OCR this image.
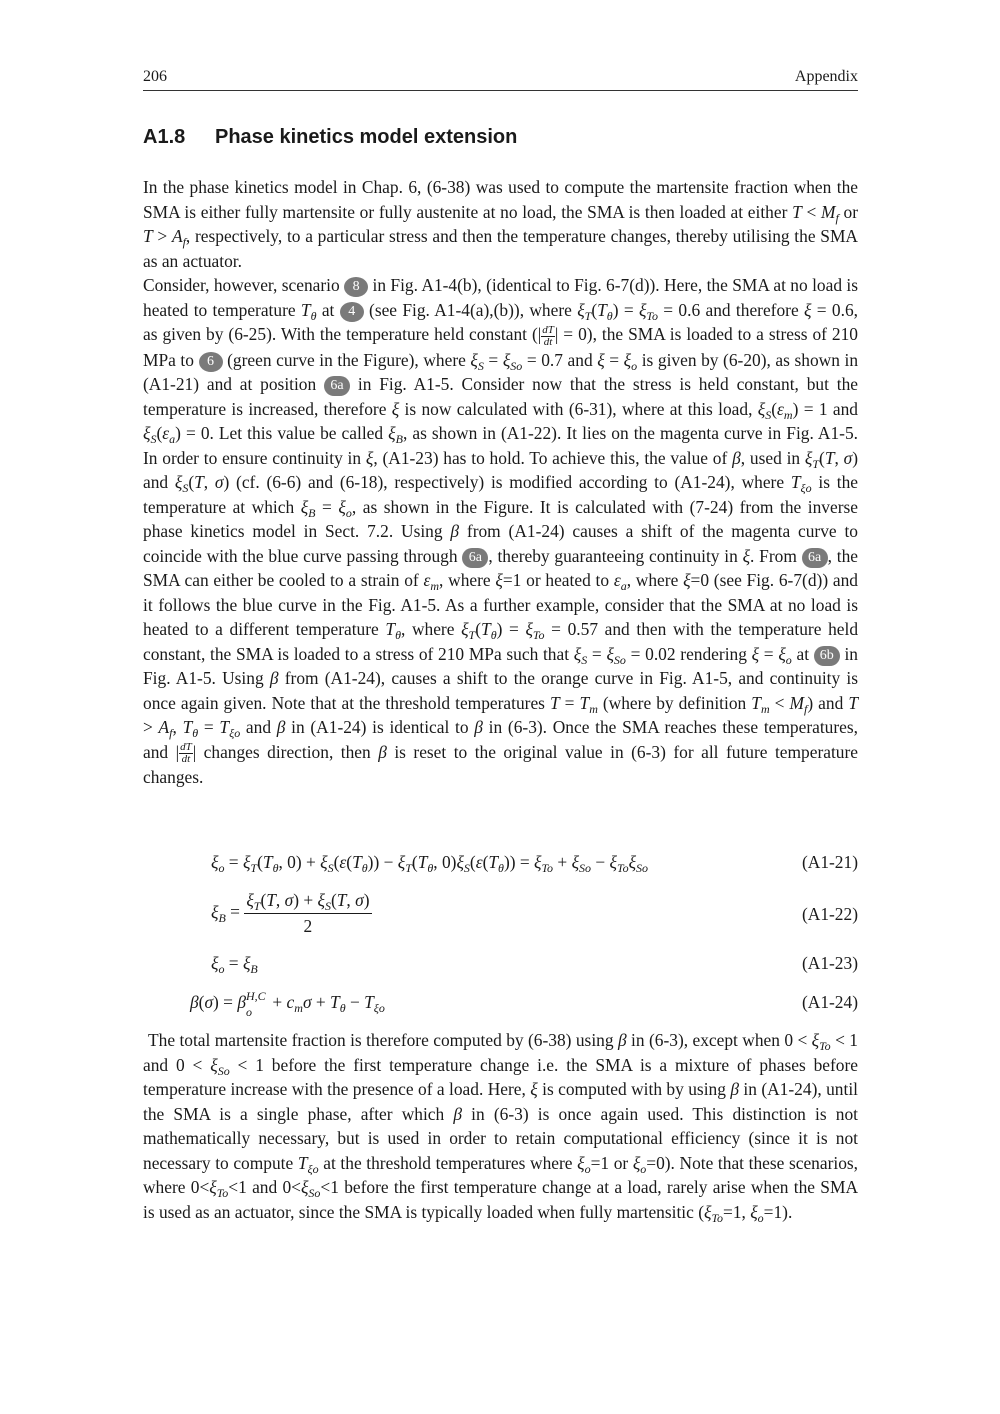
206	Appendix
A1.8 Phase kinetics model extension

In the phase kinetics model in Chap. 6, (6-38) was used to compute the martensite fraction when the SMA is either fully martensite or fully austenite at no load, the SMA is then loaded at either $T < M_f$ or $T > A_f$, respectively, to a particular stress and then the temperature changes, thereby utilising the SMA as an actuator.

Consider, however, scenario 8 in Fig. A1-4(b), (identical to Fig. 6-7(d)). Here, the SMA at no load is heated to temperature $T_\theta$ at 4 (see Fig. A1-4(a),(b)), where $\xi_T(T_\theta) = \xi_{To} = 0.6$ and therefore ξ = 0.6, as given by (6-25). With the temperature held constant (| $\frac{dT}{dt}$ | = 0), the SMA is loaded to a stress of 210 MPa to 6 (green curve in the Figure), where $\xi_S = \xi_{So} = 0.7$ and $\xi = \xi_o$ is given by (6-20), as shown in (A1-21) and at position 6a in Fig. A1-5. Consider now that the stress is held constant, but the temperature is increased, therefore ξ is now calculated with (6-31), where at this load, $\xi_S(\varepsilon_m) = 1$ and $\xi_S(\varepsilon_a) = 0$. Let this value be called $\xi_B$, as shown in (A1-22). It lies on the magenta curve in Fig. A1-5. In order to ensure continuity in ξ, (A1-23) has to hold. To achieve this, the value of β, used in $\xi_T(T$, σ) and $\xi_S(T$, σ) (cf. (6-6) and (6-18), respectively) is modified according to (A1-24), where $T_{\xi o}$ is the temperature at which $\xi_B = \xi_o$, as shown in the Figure. It is calculated with (7-24) from the inverse phase kinetics model in Sect. 7.2. Using β from (A1-24) causes a shift of the magenta curve to coincide with the blue curve passing through 6a , thereby guaranteeing continuity in ξ. From 6a , the SMA can either be cooled to a strain of $\varepsilon_m$, where ξ=1 or heated to $\varepsilon_a$, where ξ=0 (see Fig. 6-7(d)) and it follows the blue curve in the Fig. A1-5. As a further example, consider that the SMA at no load is heated to a different temperature $T_\theta$, where $\xi_T(T_\theta) = \xi_{To} = 0.57$ and then with the temperature held constant, the SMA is loaded to a stress of 210 MPa such that $\xi_S = \xi_{So} = 0.02$ rendering $\xi = \xi_o$ at 6b in Fig. A1-5. Using β from (A1-24), causes a shift to the orange curve in Fig. A1-5, and continuity is once again given. Note that at the threshold temperatures $T = T_m$ (where by definition $T_m < M_f$) and $T > A_f$, $T_\theta = T_{\xi o}$ and β in (A1-24) is identical to β in (6-3). Once the SMA reaches these temperatures, and | $\frac{dT}{dt}$ | changes direction, then β is reset to the original value in (6-3) for all future temperature changes.

$\xi_o = \xi_T(T_\theta$, $0) + \xi_S(\varepsilon(T_\theta)) - \xi_T(T_\theta$, $0)\xi_S(\varepsilon(T_\theta)) = \xi_{To} + \xi_{So} - \xi_{To}\xi_{So}$	(A1-21)
$\xi_B = \frac{\xi_T(T, \sigma) + \xi_S(T, \sigma)}{2}$	(A1-22)
$\xi_o = \xi_B$	(A1-23)
β(σ) = β H,C
$o + c_m\sigma + T_\theta - T_{\xi o}$	(A1-24)

The total martensite fraction is therefore computed by (6-38) using β in (6-3), except when $0 < \xi_{To} < 1$ and $0 < \xi_{So} < 1$ before the first temperature change i.e. the SMA is a mixture of phases before temperature increase with the presence of a load. Here, ξ is computed with by using β in (A1-24), until the SMA is a single phase, after which β in (6-3) is once again used. This distinction is not mathematically necessary, but is used in order to retain computational efficiency (since it is not necessary to compute $T_{\xi o}$ at the threshold temperatures where $\xi_o=1$ or $\xi_o=0$). Note that these scenarios, where $0<\xi_{To}<1$ and $0<\xi_{So}<1$ before the first temperature change at a load, rarely arise when the SMA is used as an actuator, since the SMA is typically loaded when fully martensitic ($\xi_{To}=1$, $\xi_o=1$).
